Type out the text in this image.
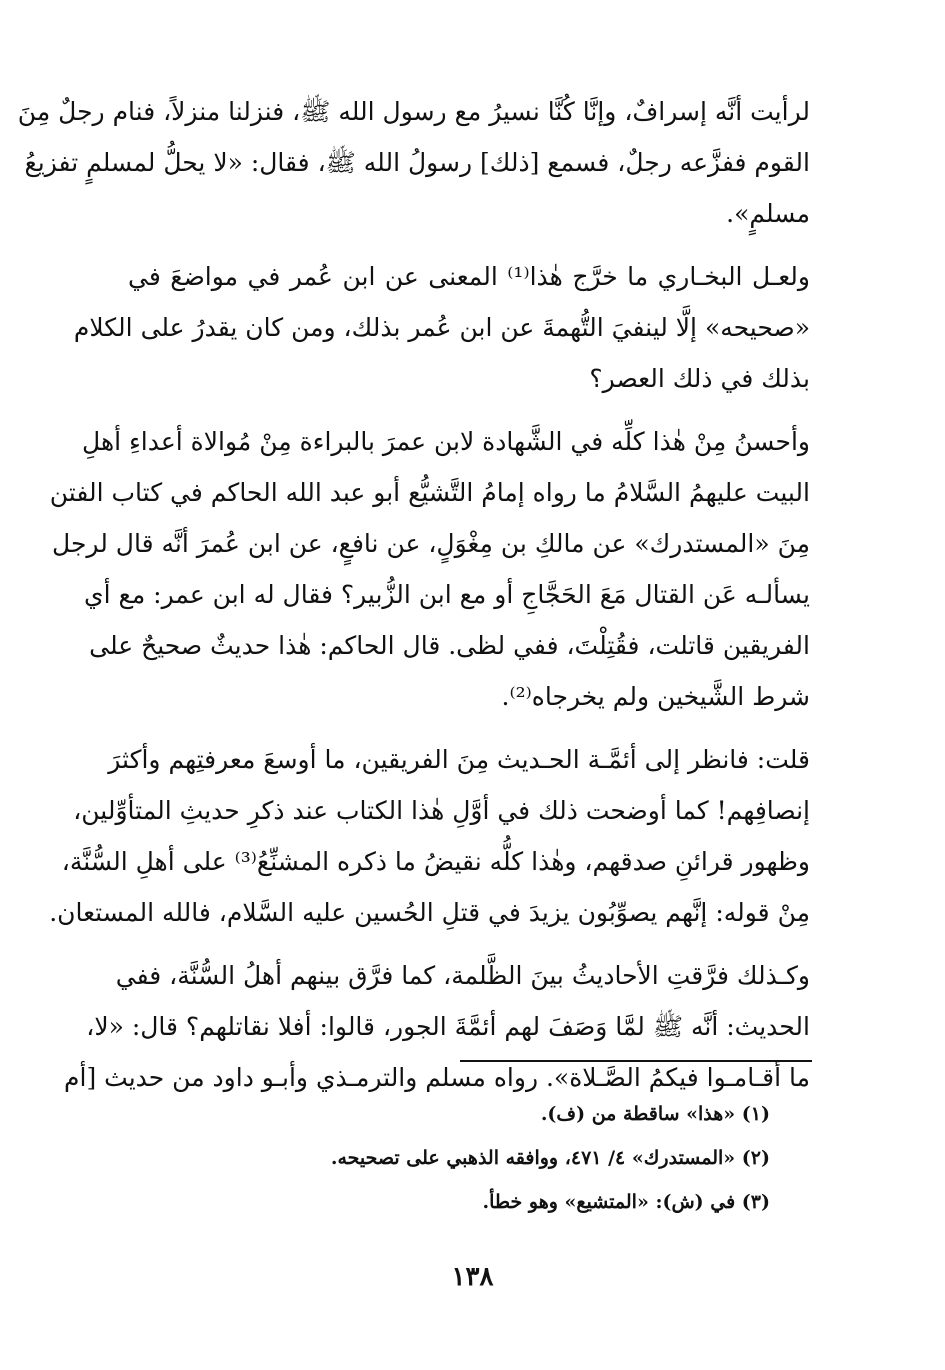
لرأيت أنَّه إسرافٌ، وإنَّا كُنَّا نسيرُ مع رسول الله ﷺ، فنزلنا منزلاً، فنام رجلٌ مِنَ
القوم ففزَّعه رجلٌ، فسمع [ذلك] رسولُ الله ﷺ، فقال: «لا يحلُّ لمسلمٍ تفزيعُ
مسلمٍ».
ولعـل البخـاري ما خرَّج هٰذا⁽¹⁾ المعنى عن ابن عُمر في مواضعَ في
«صحيحه» إلَّا لينفيَ التُّهمةَ عن ابن عُمر بذلك، ومن كان يقدرُ على الكلام
بذلك في ذلك العصر؟
وأحسنُ مِنْ هٰذا كلِّه في الشَّهادة لابن عمرَ بالبراءة مِنْ مُوالاة أعداءِ أهلِ
البيت عليهمُ السَّلامُ ما رواه إمامُ التَّشيُّع أبو عبد الله الحاكم في كتاب الفتن
مِنَ «المستدرك» عن مالكِ بن مِغْوَلٍ، عن نافعٍ، عن ابن عُمرَ أنَّه قال لرجل
يسألـه عَن القتال مَعَ الحَجَّاجِ أو مع ابن الزُّبير؟ فقال له ابن عمر: مع أي
الفريقين قاتلت، فقُتِلْتَ، ففي لظى. قال الحاكم: هٰذا حديثٌ صحيحٌ على
شرط الشَّيخين ولم يخرجاه⁽²⁾.
قلت: فانظر إلى أئمَّـة الحـديث مِنَ الفريقين، ما أوسعَ معرفتِهم وأكثرَ
إنصافِهم! كما أوضحت ذلك في أوَّلِ هٰذا الكتاب عند ذكرِ حديثِ المتأوِّلين،
وظهور قرائنِ صدقهم، وهٰذا كلُّه نقيضُ ما ذكره المشنِّعُ⁽³⁾ على أهلِ السُّنَّة،
مِنْ قوله: إنَّهم يصوِّبُون يزيدَ في قتلِ الحُسين عليه السَّلام، فالله المستعان.
وكـذلك فرَّقتِ الأحاديثُ بينَ الظَّلمة، كما فرَّق بينهم أهلُ السُّنَّة، ففي
الحديث: أنَّه ﷺ لمَّا وَصَفَ لهم أئمَّةَ الجور، قالوا: أفلا نقاتلهم؟ قال: «لا،
ما أقـامـوا فيكمُ الصَّـلاة». رواه مسلم والترمـذي وأبـو داود من حديث [أم
(١) «هذا» ساقطة من (ف).
(٢) «المستدرك» ٤/ ٤٧١، ووافقه الذهبي على تصحيحه.
(٣) في (ش): «المتشيع» وهو خطأ.
١٣٨
